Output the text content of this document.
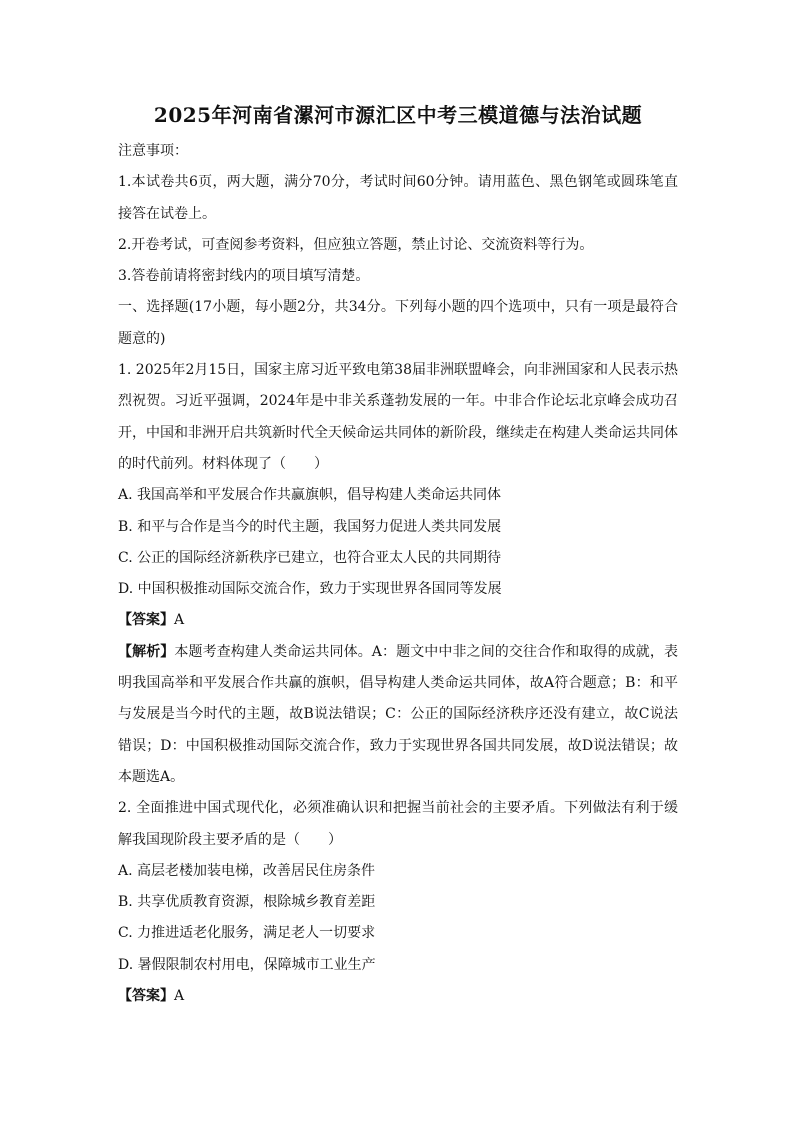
2025年河南省漯河市源汇区中考三模道德与法治试题

注意事项：

1.本试卷共6页，两大题，满分70分，考试时间60分钟。请用蓝色、黑色钢笔或圆珠笔直接答在试卷上。

2.开卷考试，可查阅参考资料，但应独立答题，禁止讨论、交流资料等行为。

3.答卷前请将密封线内的项目填写清楚。

一、选择题(17小题，每小题2分，共34分。下列每小题的四个选项中，只有一项是最符合题意的)

1. 2025年2月15日，国家主席习近平致电第38届非洲联盟峰会，向非洲国家和人民表示热烈祝贺。习近平强调，2024年是中非关系蓬勃发展的一年。中非合作论坛北京峰会成功召开，中国和非洲开启共筑新时代全天候命运共同体的新阶段，继续走在构建人类命运共同体的时代前列。材料体现了（　　）

A. 我国高举和平发展合作共赢旗帜，倡导构建人类命运共同体

B. 和平与合作是当今的时代主题，我国努力促进人类共同发展

C. 公正的国际经济新秩序已建立，也符合亚太人民的共同期待

D. 中国积极推动国际交流合作，致力于实现世界各国同等发展

【答案】A

【解析】本题考查构建人类命运共同体。A：题文中中非之间的交往合作和取得的成就，表明我国高举和平发展合作共赢的旗帜，倡导构建人类命运共同体，故A符合题意；B：和平与发展是当今时代的主题，故B说法错误；C：公正的国际经济秩序还没有建立，故C说法错误；D：中国积极推动国际交流合作，致力于实现世界各国共同发展，故D说法错误；故本题选A。

2. 全面推进中国式现代化，必须准确认识和把握当前社会的主要矛盾。下列做法有利于缓解我国现阶段主要矛盾的是（　　）

A. 高层老楼加装电梯，改善居民住房条件

B. 共享优质教育资源，根除城乡教育差距

C. 力推进适老化服务，满足老人一切要求

D. 暑假限制农村用电，保障城市工业生产

【答案】A
